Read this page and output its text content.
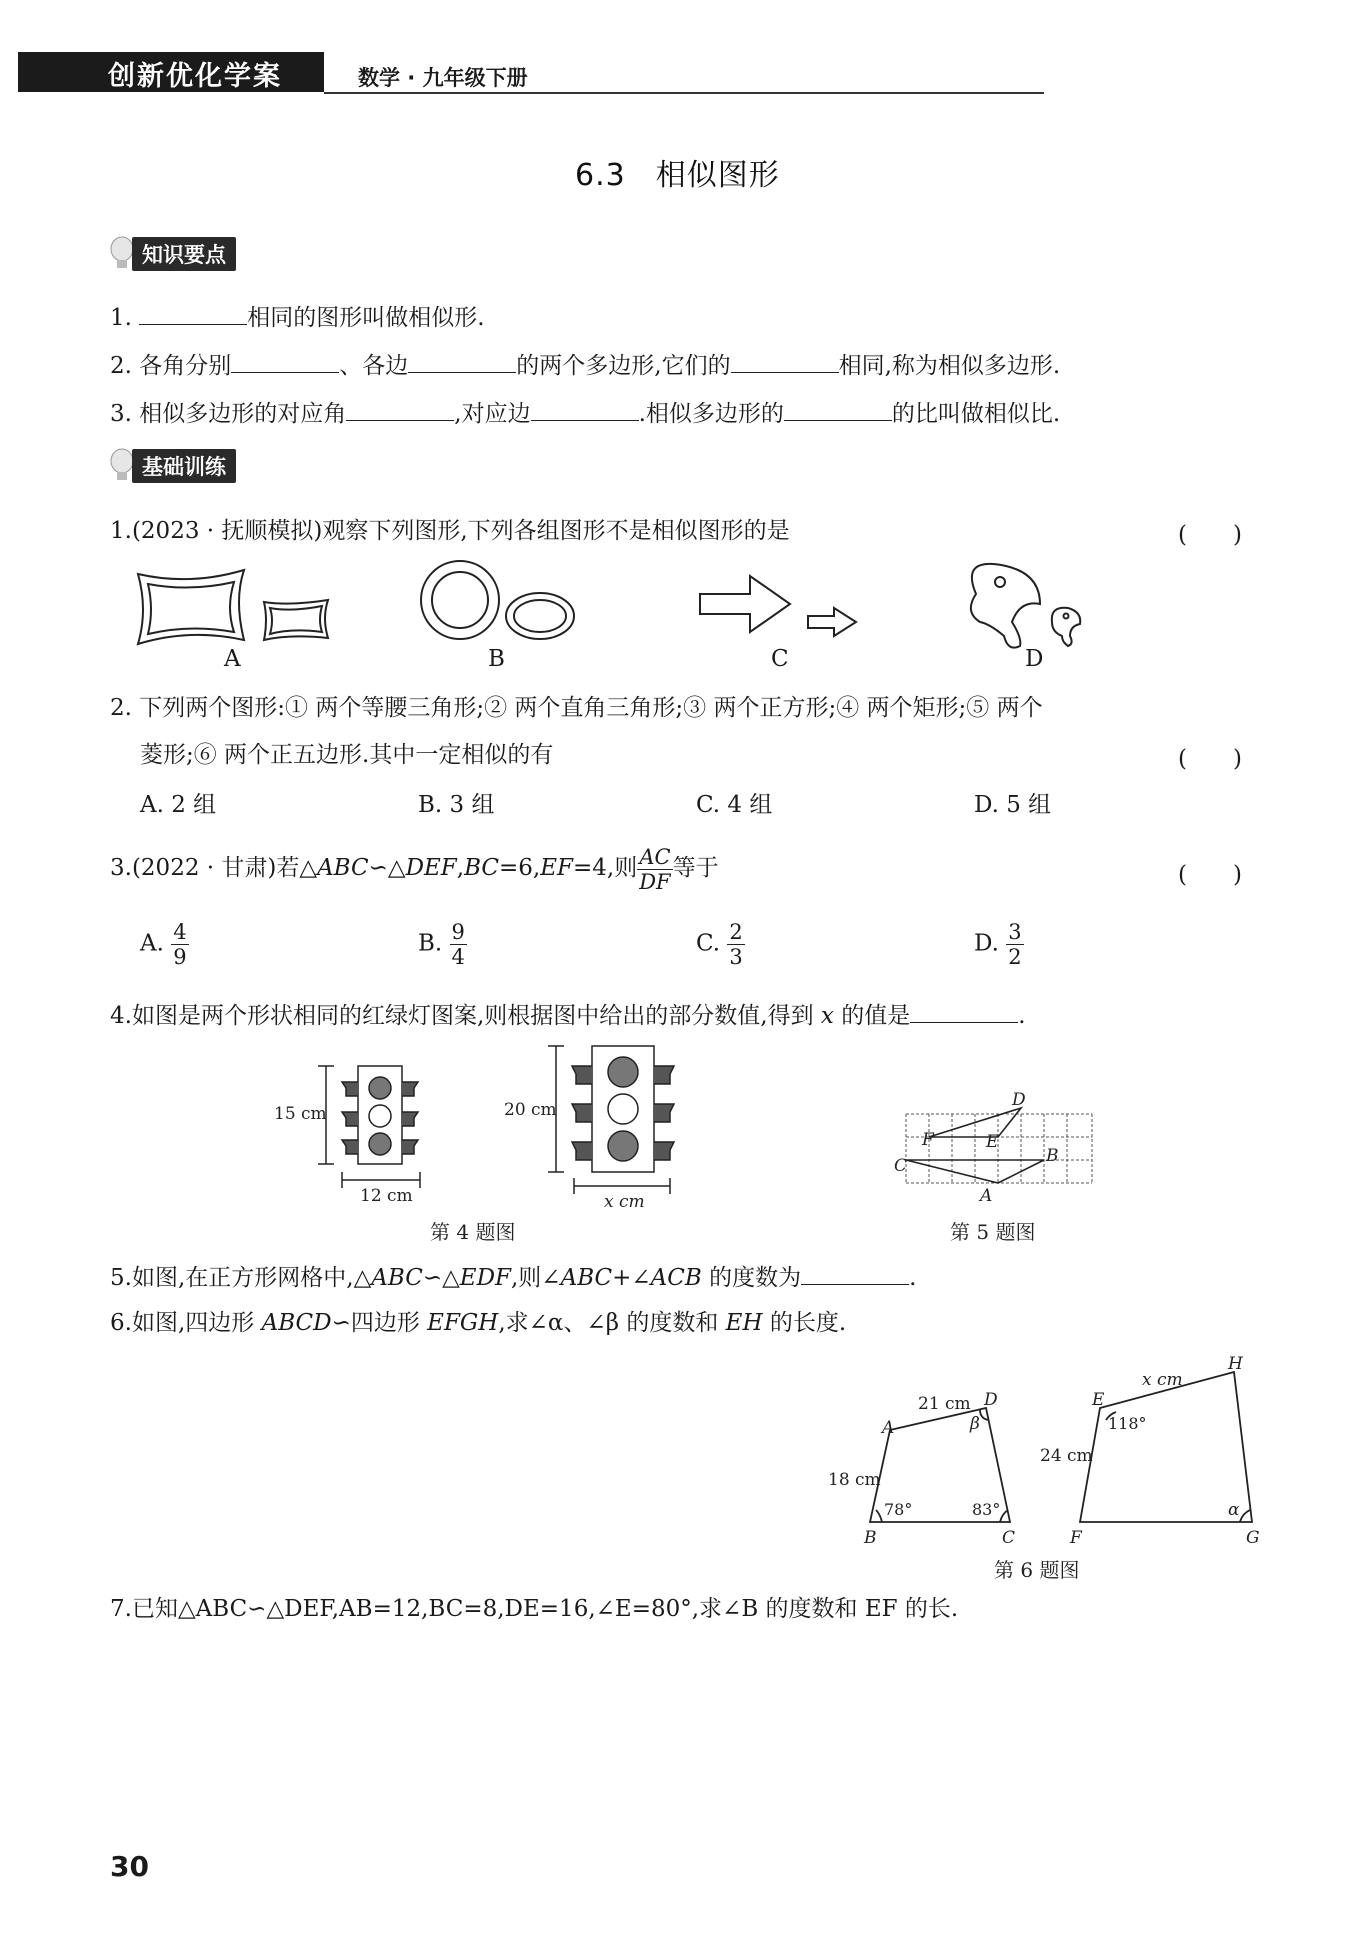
创新优化学案	数学 · 九年级下册
6.3 相似图形
知识要点
1.	相同的图形叫做相似形.
2. 各角分别	、各边	的两个多边形,它们的	相同,称为相似多边形.
3. 相似多边形的对应角	,对应边	.相似多边形的	的比叫做相似比.
基础训练
1.(2023 · 抚顺模拟)观察下列图形,下列各组图形不是相似图形的是	(　　)
A	B	C	D
2. 下列两个图形:① 两个等腰三角形;② 两个直角三角形;③ 两个正方形;④ 两个矩形;⑤ 两个
菱形;⑥ 两个正五边形.其中一定相似的有	(　　)
A. 2 组	B. 3 组	C. 4 组	D. 5 组
3.(2022 · 甘肃)若△ABC∽△DEF,BC=6,EF=4,则 $\frac{AC}{DF}$ 等于	(　　)
A. $\frac{4}{9}$	B. $\frac{9}{4}$	C. $\frac{2}{3}$	D. $\frac{3}{2}$
4.如图是两个形状相同的红绿灯图案,则根据图中给出的部分数值,得到 x 的值是	.
15 cm
12 cm
20 cm
x cm
第 4 题图
D
F	E
B
C
A
第 5 题图
5.如图,在正方形网格中,△ABC∽△EDF,则∠ABC+∠ACB 的度数为	.
6.如图,四边形 ABCD∽四边形 EFGH,求∠α、∠β 的度数和 EH 的长度.
21 cm D
A	β
18 cm
78°	83°
B	C
x cm
H
E
118°
24 cm
α
F	G
第 6 题图
7.已知△ABC∽△DEF,AB=12,BC=8,DE=16,∠E=80°,求∠B 的度数和 EF 的长.
30
